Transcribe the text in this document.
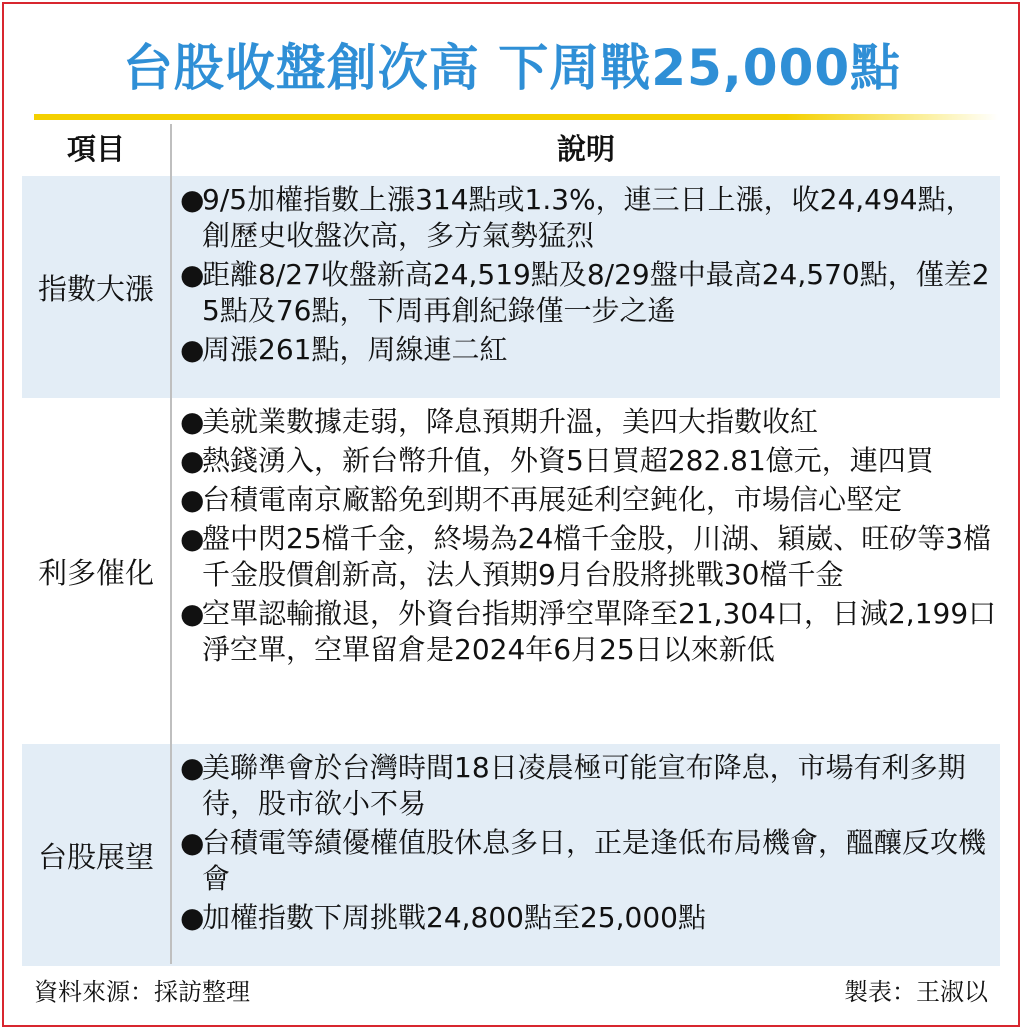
台股收盤創次高 下周戰25,000點
項目	說明
指數大漲
●9/5加權指數上漲314點或1.3%，連三日上漲，收24,494點，創歷史收盤次高，多方氣勢猛烈
●距離8/27收盤新高24,519點及8/29盤中最高24,570點，僅差25點及76點，下周再創紀錄僅一步之遙
●周漲261點，周線連二紅
利多催化
●美就業數據走弱，降息預期升溫，美四大指數收紅
●熱錢湧入，新台幣升值，外資5日買超282.81億元，連四買
●台積電南京廠豁免到期不再展延利空鈍化，市場信心堅定
●盤中閃25檔千金，終場為24檔千金股，川湖、穎崴、旺矽等3檔千金股價創新高，法人預期9月台股將挑戰30檔千金
●空單認輸撤退，外資台指期淨空單降至21,304口，日減2,199口淨空單，空單留倉是2024年6月25日以來新低
台股展望
●美聯準會於台灣時間18日凌晨極可能宣布降息，市場有利多期待，股市欲小不易
●台積電等績優權值股休息多日，正是逢低布局機會，醞釀反攻機會
●加權指數下周挑戰24,800點至25,000點
資料來源：採訪整理	製表：王淑以
